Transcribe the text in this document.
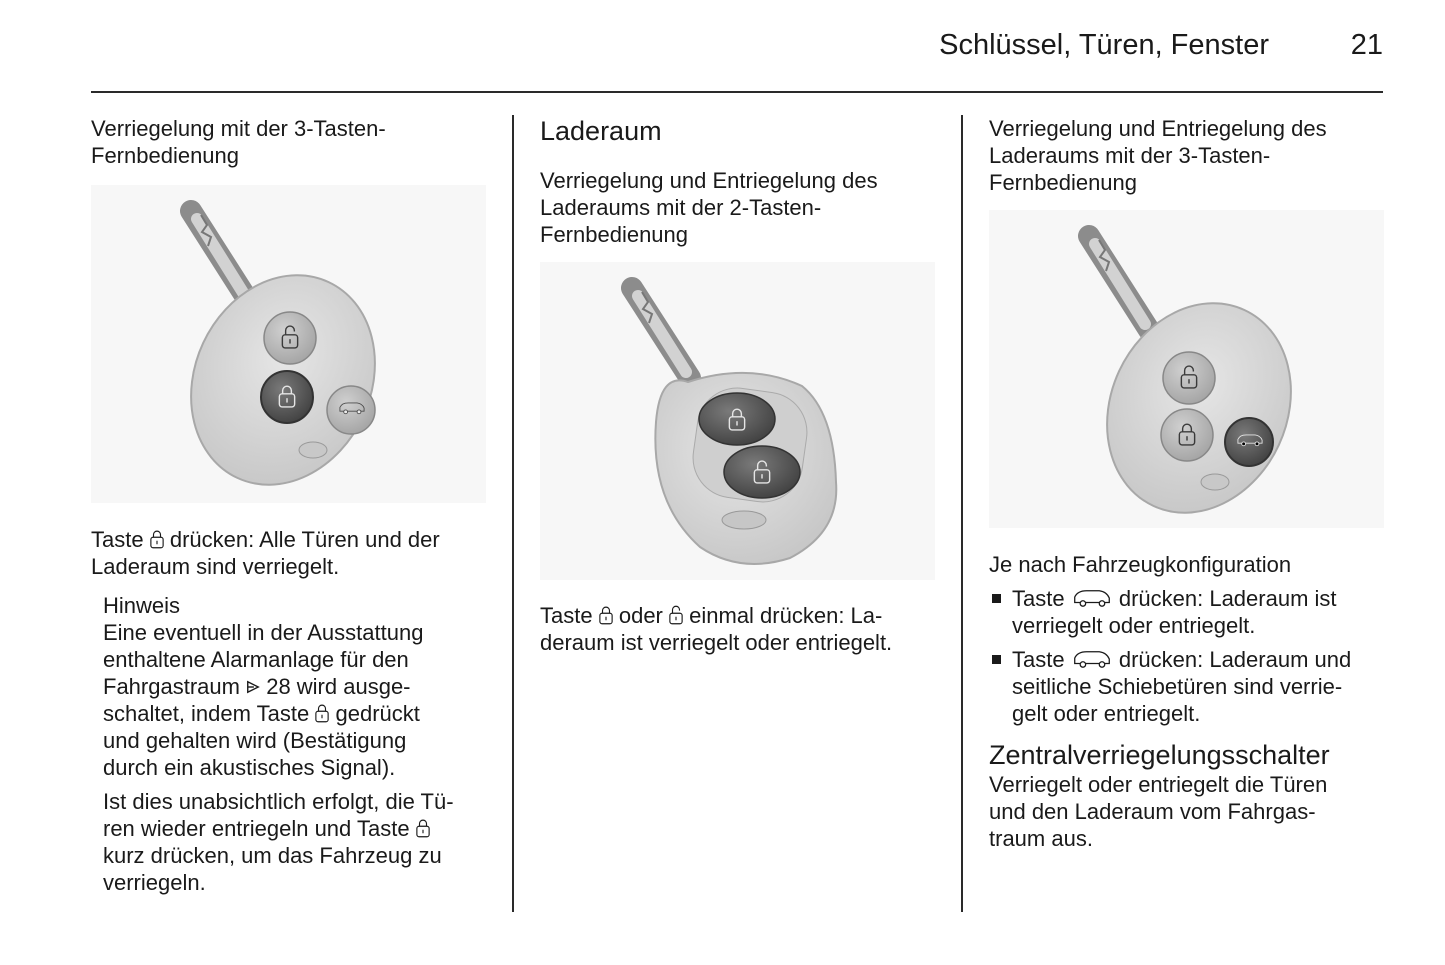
Schlüssel, Türen, Fenster	21

Verriegelung mit der 3-Tasten-
Fernbedienung

Taste drücken: Alle Türen und der
Laderaum sind verriegelt.

Hinweis

Eine eventuell in der Ausstattung
enthaltene Alarmanlage für den
Fahrgastraum 28 wird ausge-
schaltet, indem Taste gedrückt
und gehalten wird (Bestätigung
durch ein akustisches Signal).

Ist dies unabsichtlich erfolgt, die Tü-
ren wieder entriegeln und Taste
kurz drücken, um das Fahrzeug zu
verriegeln.

Laderaum

Verriegelung und Entriegelung des
Laderaums mit der 2-Tasten-
Fernbedienung

Taste oder einmal drücken: La-
deraum ist verriegelt oder entriegelt.

Verriegelung und Entriegelung des
Laderaums mit der 3-Tasten-
Fernbedienung

Je nach Fahrzeugkonfiguration

Taste drücken: Laderaum ist
verriegelt oder entriegelt.
Taste drücken: Laderaum und
seitliche Schiebetüren sind verrie-
gelt oder entriegelt.

Zentralverriegelungsschalter

Verriegelt oder entriegelt die Türen
und den Laderaum vom Fahrgas-
traum aus.
